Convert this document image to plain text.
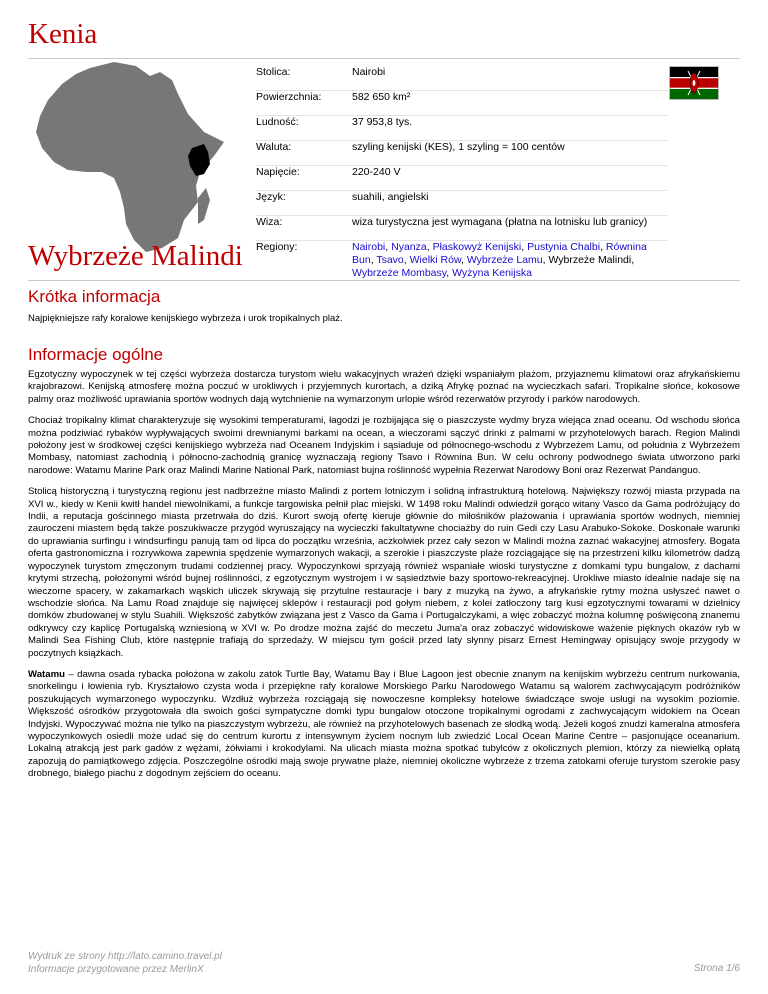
Kenia
Stolica:	Nairobi
Powierzchnia:	582 650 km²
Ludność:	37 953,8 tys.
Waluta:	szyling kenijski (KES), 1 szyling = 100 centów
Napięcie:	220-240 V
Język:	suahili, angielski
Wiza:	wiza turystyczna jest wymagana (płatna na lotnisku lub granicy)
Regiony:	Nairobi, Nyanza, Płaskowyż Kenijski, Pustynia Chalbi, Równina Bun, Tsavo, Wielki Rów, Wybrzeże Lamu, Wybrzeże Malindi, Wybrzeże Mombasy, Wyżyna Kenijska
Wybrzeże Malindi
Krótka informacja

Najpiękniejsze rafy koralowe kenijskiego wybrzeża i urok tropikalnych plaż.

Informacje ogólne

Egzotyczny wypoczynek w tej części wybrzeża dostarcza turystom wielu wakacyjnych wrażeń dzięki wspaniałym plażom, przyjaznemu klimatowi oraz afrykańskiemu krajobrazowi. Kenijską atmosferę można poczuć w urokliwych i przyjemnych kurortach, a dziką Afrykę poznać na wycieczkach safari. Tropikalne słońce, kokosowe palmy oraz możliwość uprawiania sportów wodnych dają wytchnienie na wymarzonym urlopie wśród rezerwatów przyrody i parków narodowych.

Chociaż tropikalny klimat charakteryzuje się wysokimi temperaturami, łagodzi je rozbijająca się o piaszczyste wydmy bryza wiejąca znad oceanu. Od wschodu słońca można podziwiać rybaków wypływających swoimi drewnianymi barkami na ocean, a wieczorami sączyć drinki z palmami w przyhotelowych barach. Region Malindi położony jest w środkowej części kenijskiego wybrzeża nad Oceanem Indyjskim i sąsiaduje od północnego-wschodu z Wybrzeżem Lamu, od południa z Wybrzeżem Mombasy, natomiast zachodnią i północno-zachodnią granicę wyznaczają regiony Tsavo i Równina Bun. W celu ochrony podwodnego świata utworzono parki narodowe: Watamu Marine Park oraz Malindi Marine National Park, natomiast bujna roślinność wypełnia Rezerwat Narodowy Boni oraz Rezerwat Pandanguo.

Stolicą historyczną i turystyczną regionu jest nadbrzeżne miasto Malindi z portem lotniczym i solidną infrastrukturą hotelową. Największy rozwój miasta przypada na XVI w., kiedy w Kenii kwitł handel niewolnikami, a funkcje targowiska pełnił plac miejski. W 1498 roku Malindi odwiedził gorąco witany Vasco da Gama podróżujący do Indii, a reputacja gościnnego miasta przetrwała do dziś. Kurort swoją ofertę kieruje głównie do miłośników plażowania i uprawiania sportów wodnych, niemniej zauroczeni miastem będą także poszukiwacze przygód wyruszający na wycieczki fakultatywne chociażby do ruin Gedi czy Lasu Arabuko-Sokoke. Doskonałe warunki do uprawiania surfingu i windsurfingu panują tam od lipca do początku września, aczkolwiek przez cały sezon w Malindi można zaznać wakacyjnej atmosfery. Bogata oferta gastronomiczna i rozrywkowa zapewnia spędzenie wymarzonych wakacji, a szerokie i piaszczyste plaże rozciągające się na przestrzeni kilku kilometrów dadzą wypoczynek turystom zmęczonym trudami codziennej pracy. Wypoczynkowi sprzyają również wspaniałe wioski turystyczne z domkami typu bungalow, z dachami krytymi strzechą, położonymi wśród bujnej roślinności, z egzotycznym wystrojem i w sąsiedztwie bazy sportowo-rekreacyjnej. Urokliwe miasto idealnie nadaje się na wieczorne spacery, w zakamarkach wąskich uliczek skrywają się przytulne restauracje i bary z muzyką na żywo, a afrykańskie rytmy można usłyszeć nawet o wschodzie słońca. Na Lamu Road znajduje się najwięcej sklepów i restauracji pod gołym niebem, z kolei zatłoczony targ kusi egzotycznymi towarami w dzielnicy domków zbudowanej w stylu Suahili. Większość zabytków związana jest z Vasco da Gama i Portugalczykami, a więc zobaczyć można kolumnę poświęconą znanemu odkrywcy czy kaplicę Portugalską wzniesioną w XVI w. Po drodze można zajść do meczetu Juma'a oraz zobaczyć widowiskowe ważenie pięknych okazów ryb w Malindi Sea Fishing Club, które następnie trafiają do sprzedaży. W miejscu tym gościł przed laty słynny pisarz Ernest Hemingway opisujący swoje przygody w poczytnych książkach.

Watamu – dawna osada rybacka położona w zakolu zatok Turtle Bay, Watamu Bay i Blue Lagoon jest obecnie znanym na kenijskim wybrzeżu centrum nurkowania, snorkelingu i łowienia ryb. Kryształowo czysta woda i przepiękne rafy koralowe Morskiego Parku Narodowego Watamu są walorem zachwycającym podróżników poszukujących wymarzonego wypoczynku. Wzdłuż wybrzeża rozciągają się nowoczesne kompleksy hotelowe świadczące swoje usługi na wysokim poziomie. Większość ośrodków przygotowała dla swoich gości sympatyczne domki typu bungalow otoczone tropikalnymi ogrodami z zachwycającym widokiem na Ocean Indyjski. Wypoczywać można nie tylko na piaszczystym wybrzeżu, ale również na przyhotelowych basenach ze słodką wodą. Jeżeli kogoś znudzi kameralna atmosfera wypoczynkowych osiedli może udać się do centrum kurortu z intensywnym życiem nocnym lub zwiedzić Local Ocean Marine Centre – pasjonujące oceanarium. Lokalną atrakcją jest park gadów z wężami, żółwiami i krokodylami. Na ulicach miasta można spotkać tubylców z okolicznych plemion, którzy za niewielką opłatą zapozują do pamiątkowego zdjęcia. Poszczególne ośrodki mają swoje prywatne plaże, niemniej okoliczne wybrzeże z trzema zatokami oferuje turystom szerokie pasy drobnego, białego piachu z dogodnym zejściem do oceanu.

Wydruk ze strony http://lato.camino.travel.pl
Informacje przygotowane przez MerlinX	Strona 1/6
